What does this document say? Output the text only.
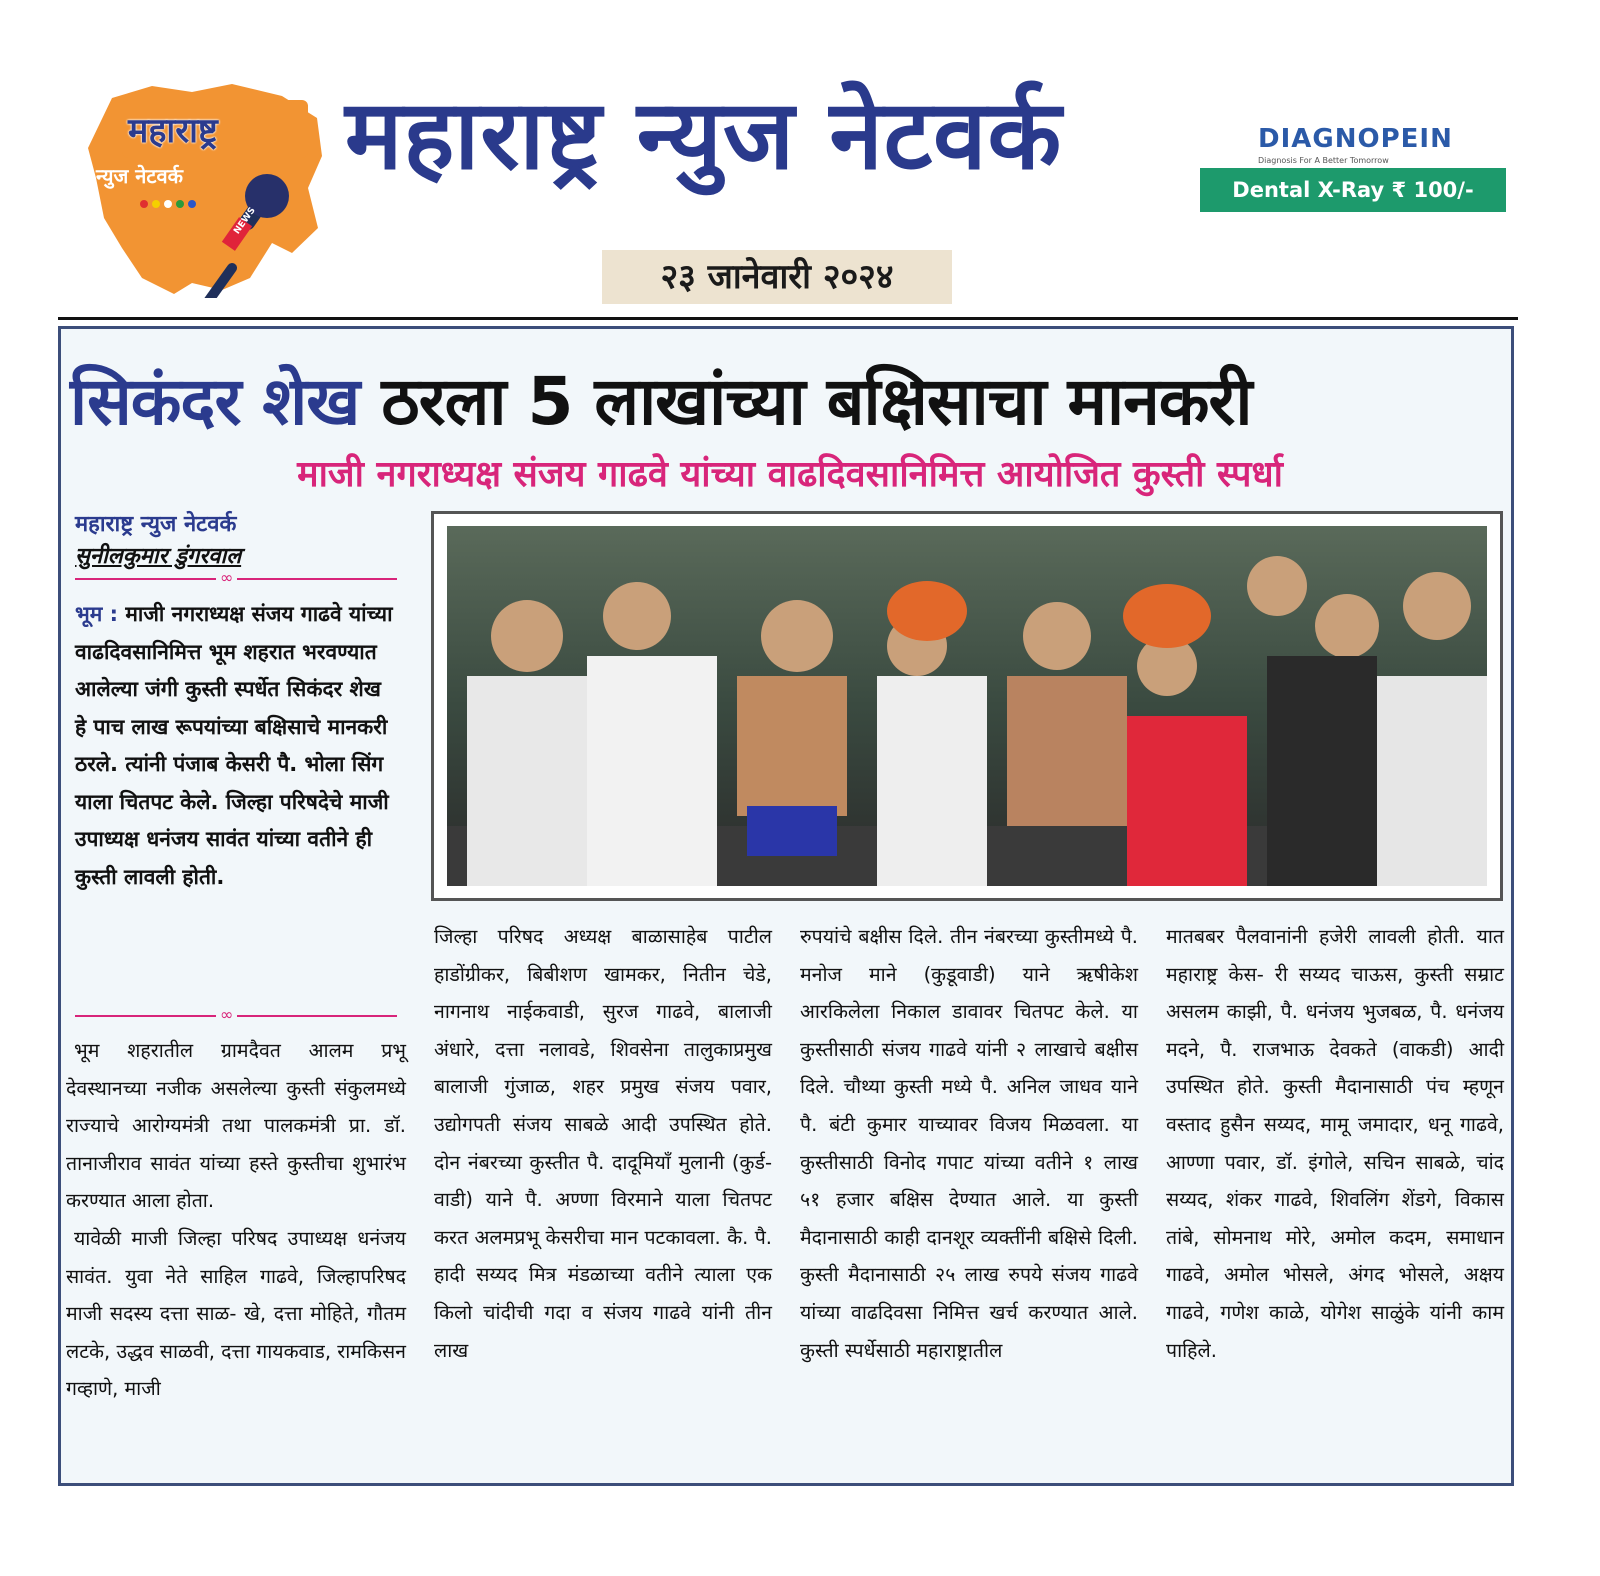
महाराष्ट्र
न्युज नेटवर्क
NEWS
महाराष्ट्र न्युज नेटवर्क	DIAGNOPEIN
Diagnosis For A Better Tomorrow
Dental X-Ray ₹ 100/-
२३ जानेवारी २०२४
सिकंदर शेख ठरला 5 लाखांच्या बक्षिसाचा मानकरी
माजी नगराध्यक्ष संजय गाढवे यांच्या वाढदिवसानिमित्त आयोजित कुस्ती स्पर्धा
महाराष्ट्र न्युज नेटवर्क
सुनीलकुमार डुंगरवाल
∞
भूम : माजी नगराध्यक्ष संजय गाढवे यांच्या वाढदिवसानिमित्त भूम शहरात भरवण्यात आलेल्या जंगी कुस्ती स्पर्धेत सिकंदर शेख हे पाच लाख रूपयांच्या बक्षिसाचे मानकरी ठरले. त्यांनी पंजाब केसरी पै. भोला सिंग याला चितपट केले. जिल्हा परिषदेचे माजी उपाध्यक्ष धनंजय सावंत यांच्या वतीने ही कुस्ती लावली होती.
∞

भूम शहरातील ग्रामदैवत आलम प्रभू देवस्थानच्या नजीक असलेल्या कुस्ती संकुलमध्ये राज्याचे आरोग्यमंत्री तथा पालकमंत्री प्रा. डॉ. तानाजीराव सावंत यांच्या हस्ते कुस्तीचा शुभारंभ करण्यात आला होता.

यावेळी माजी जिल्हा परिषद उपाध्यक्ष धनंजय सावंत. युवा नेते साहिल गाढवे, जिल्हापरिषद माजी सदस्य दत्ता साळ- खे, दत्ता मोहिते, गौतम लटके, उद्धव साळवी, दत्ता गायकवाड, रामकिसन गव्हाणे, माजी

जिल्हा परिषद अध्यक्ष बाळासाहेब पाटील हाडोंग्रीकर, बिबीशण खामकर, नितीन चेडे, नागनाथ नाईकवाडी, सुरज गाढवे, बालाजी अंधारे, दत्ता नलावडे, शिवसेना तालुकाप्रमुख बालाजी गुंजाळ, शहर प्रमुख संजय पवार, उद्योगपती संजय साबळे आदी उपस्थित होते. दोन नंबरच्या कुस्तीत पै. दादूमियाँ मुलानी (कुर्ड- वाडी) याने पै. अण्णा विरमाने याला चितपट करत अलमप्रभू केसरीचा मान पटकावला. कै. पै. हादी सय्यद मित्र मंडळाच्या वतीने त्याला एक किलो चांदीची गदा व संजय गाढवे यांनी तीन लाख

रुपयांचे बक्षीस दिले. तीन नंबरच्या कुस्तीमध्ये पै. मनोज माने (कुडूवाडी) याने ऋषीकेश आरकिलेला निकाल डावावर चितपट केले. या कुस्तीसाठी संजय गाढवे यांनी २ लाखाचे बक्षीस दिले. चौथ्या कुस्ती मध्ये पै. अनिल जाधव याने पै. बंटी कुमार याच्यावर विजय मिळवला. या कुस्तीसाठी विनोद गपाट यांच्या वतीने १ लाख ५१ हजार बक्षिस देण्यात आले. या कुस्ती मैदानासाठी काही दानशूर व्यक्तींनी बक्षिसे दिली. कुस्ती मैदानासाठी २५ लाख रुपये संजय गाढवे यांच्या वाढदिवसा निमित्त खर्च करण्यात आले. कुस्ती स्पर्धेसाठी महाराष्ट्रातील

मातबबर पैलवानांनी हजेरी लावली होती. यात महाराष्ट्र केस- री सय्यद चाऊस, कुस्ती सम्राट असलम काझी, पै. धनंजय भुजबळ, पै. धनंजय मदने, पै. राजभाऊ देवकते (वाकडी) आदी उपस्थित होते. कुस्ती मैदानासाठी पंच म्हणून वस्ताद हुसैन सय्यद, मामू जमादार, धनू गाढवे, आण्णा पवार, डॉ. इंगोले, सचिन साबळे, चांद सय्यद, शंकर गाढवे, शिवलिंग शेंडगे, विकास तांबे, सोमनाथ मोरे, अमोल कदम, समाधान गाढवे, अमोल भोसले, अंगद भोसले, अक्षय गाढवे, गणेश काळे, योगेश साळुंके यांनी काम पाहिले.
